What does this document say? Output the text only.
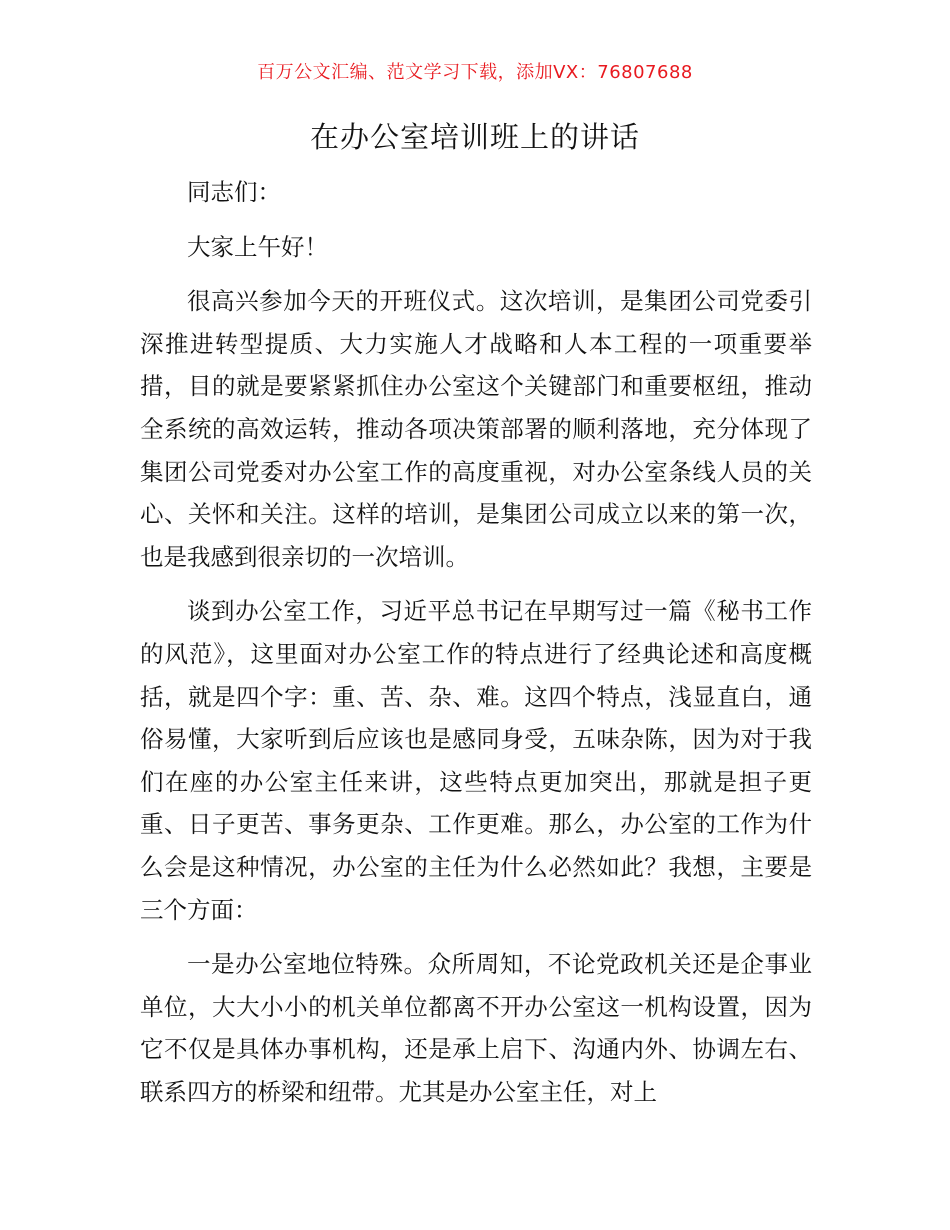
百万公文汇编、范文学习下载，添加VX：76807688
在办公室培训班上的讲话

同志们：

大家上午好！

很高兴参加今天的开班仪式。这次培训，是集团公司党委引深推进转型提质、大力实施人才战略和人本工程的一项重要举措，目的就是要紧紧抓住办公室这个关键部门和重要枢纽，推动全系统的高效运转，推动各项决策部署的顺利落地，充分体现了集团公司党委对办公室工作的高度重视，对办公室条线人员的关心、关怀和关注。这样的培训，是集团公司成立以来的第一次，也是我感到很亲切的一次培训。

谈到办公室工作，习近平总书记在早期写过一篇《秘书工作的风范》，这里面对办公室工作的特点进行了经典论述和高度概括，就是四个字：重、苦、杂、难。这四个特点，浅显直白，通俗易懂，大家听到后应该也是感同身受，五味杂陈，因为对于我们在座的办公室主任来讲，这些特点更加突出，那就是担子更重、日子更苦、事务更杂、工作更难。那么，办公室的工作为什么会是这种情况，办公室的主任为什么必然如此？我想，主要是三个方面：

一是办公室地位特殊。众所周知，不论党政机关还是企事业单位，大大小小的机关单位都离不开办公室这一机构设置，因为它不仅是具体办事机构，还是承上启下、沟通内外、协调左右、联系四方的桥梁和纽带。尤其是办公室主任，对上
